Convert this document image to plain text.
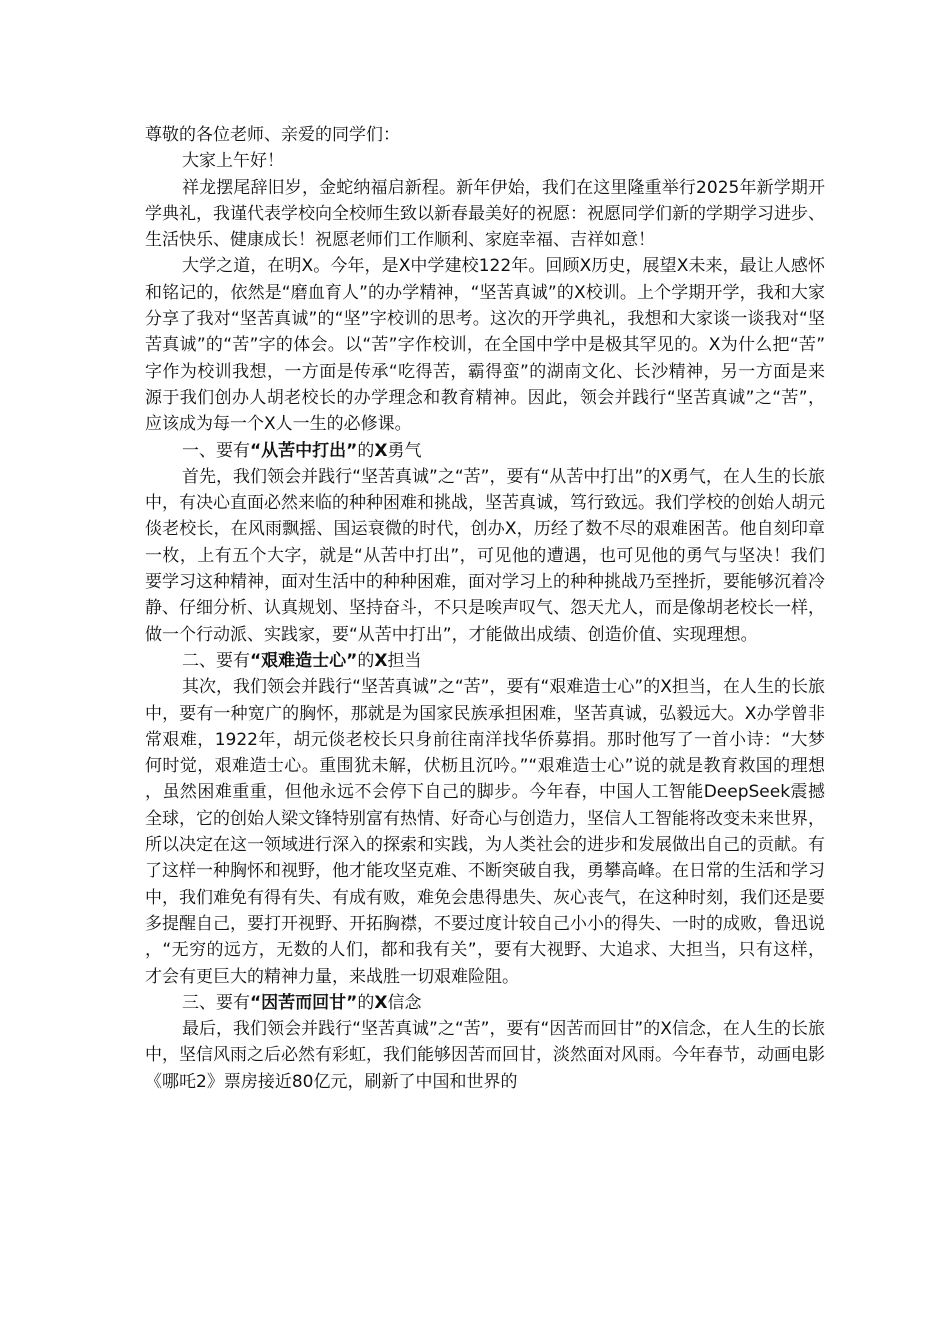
尊敬的各位老师、亲爱的同学们：

大家上午好！

祥龙摆尾辞旧岁，金蛇纳福启新程。新年伊始，我们在这里隆重举行2025年新学期开学典礼，我谨代表学校向全校师生致以新春最美好的祝愿：祝愿同学们新的学期学习进步、生活快乐、健康成长！祝愿老师们工作顺利、家庭幸福、吉祥如意！

大学之道，在明X。今年，是X中学建校122年。回顾X历史，展望X未来，最让人感怀和铭记的，依然是“磨血育人”的办学精神，“坚苦真诚”的X校训。上个学期开学，我和大家分享了我对“坚苦真诚”的“坚”字校训的思考。这次的开学典礼，我想和大家谈一谈我对“坚苦真诚”的“苦”字的体会。以“苦”字作校训，在全国中学中是极其罕见的。X为什么把“苦”字作为校训我想，一方面是传承“吃得苦，霸得蛮”的湖南文化、长沙精神，另一方面是来源于我们创办人胡老校长的办学理念和教育精神。因此，领会并践行“坚苦真诚”之“苦”，应该成为每一个X人一生的必修课。

一、要有“从苦中打出”的X勇气

首先，我们领会并践行“坚苦真诚”之“苦”，要有“从苦中打出”的X勇气，在人生的长旅中，有决心直面必然来临的种种困难和挑战，坚苦真诚，笃行致远。我们学校的创始人胡元倓老校长，在风雨飘摇、国运衰微的时代，创办X，历经了数不尽的艰难困苦。他自刻印章一枚，上有五个大字，就是“从苦中打出”，可见他的遭遇，也可见他的勇气与坚决！我们要学习这种精神，面对生活中的种种困难，面对学习上的种种挑战乃至挫折，要能够沉着冷静、仔细分析、认真规划、坚持奋斗，不只是唉声叹气、怨天尤人，而是像胡老校长一样，做一个行动派、实践家，要“从苦中打出”，才能做出成绩、创造价值、实现理想。

二、要有“艰难造士心”的X担当

其次，我们领会并践行“坚苦真诚”之“苦”，要有“艰难造士心”的X担当，在人生的长旅中，要有一种宽广的胸怀，那就是为国家民族承担困难，坚苦真诚，弘毅远大。X办学曾非常艰难，1922年，胡元倓老校长只身前往南洋找华侨募捐。那时他写了一首小诗：“大梦何时觉，艰难造士心。重围犹未解，伏枥且沉吟。”“艰难造士心”说的就是教育救国的理想，虽然困难重重，但他永远不会停下自己的脚步。今年春，中国人工智能DeepSeek震撼全球，它的创始人梁文锋特别富有热情、好奇心与创造力，坚信人工智能将改变未来世界，所以决定在这一领域进行深入的探索和实践，为人类社会的进步和发展做出自己的贡献。有了这样一种胸怀和视野，他才能攻坚克难、不断突破自我，勇攀高峰。在日常的生活和学习中，我们难免有得有失、有成有败，难免会患得患失、灰心丧气，在这种时刻，我们还是要多提醒自己，要打开视野、开拓胸襟，不要过度计较自己小小的得失、一时的成败，鲁迅说，“无穷的远方，无数的人们，都和我有关”，要有大视野、大追求、大担当，只有这样，才会有更巨大的精神力量，来战胜一切艰难险阻。

三、要有“因苦而回甘”的X信念

最后，我们领会并践行“坚苦真诚”之“苦”，要有“因苦而回甘”的X信念，在人生的长旅中，坚信风雨之后必然有彩虹，我们能够因苦而回甘，淡然面对风雨。今年春节，动画电影《哪吒2》票房接近80亿元，刷新了中国和世界的
